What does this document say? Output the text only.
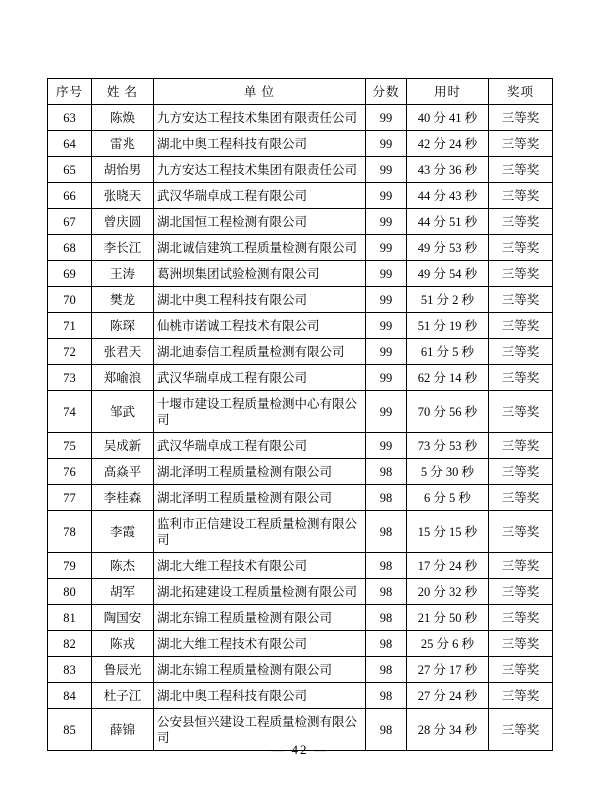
序号	姓 名	单 位	分数	用时	奖项
63	陈焕	九方安达工程技术集团有限责任公司	99	40 分 41 秒	三等奖
64	雷兆	湖北中奥工程科技有限公司	99	42 分 24 秒	三等奖
65	胡怡男	九方安达工程技术集团有限责任公司	99	43 分 36 秒	三等奖
66	张晓天	武汉华瑞卓成工程有限公司	99	44 分 43 秒	三等奖
67	曾庆圆	湖北国恒工程检测有限公司	99	44 分 51 秒	三等奖
68	李长江	湖北诚信建筑工程质量检测有限公司	99	49 分 53 秒	三等奖
69	王涛	葛洲坝集团试验检测有限公司	99	49 分 54 秒	三等奖
70	樊龙	湖北中奥工程科技有限公司	99	51 分 2 秒	三等奖
71	陈琛	仙桃市诺诚工程技术有限公司	99	51 分 19 秒	三等奖
72	张君天	湖北迪泰信工程质量检测有限公司	99	61 分 5 秒	三等奖
73	郑喻浪	武汉华瑞卓成工程有限公司	99	62 分 14 秒	三等奖
74	邹武	十堰市建设工程质量检测中心有限公司	99	70 分 56 秒	三等奖
75	吴成新	武汉华瑞卓成工程有限公司	99	73 分 53 秒	三等奖
76	高焱平	湖北泽明工程质量检测有限公司	98	5 分 30 秒	三等奖
77	李桂森	湖北泽明工程质量检测有限公司	98	6 分 5 秒	三等奖
78	李霞	监利市正信建设工程质量检测有限公司	98	15 分 15 秒	三等奖
79	陈杰	湖北大维工程技术有限公司	98	17 分 24 秒	三等奖
80	胡军	湖北拓建建设工程质量检测有限公司	98	20 分 32 秒	三等奖
81	陶国安	湖北东锦工程质量检测有限公司	98	21 分 50 秒	三等奖
82	陈戎	湖北大维工程技术有限公司	98	25 分 6 秒	三等奖
83	鲁辰光	湖北东锦工程质量检测有限公司	98	27 分 17 秒	三等奖
84	杜子江	湖北中奥工程科技有限公司	98	27 分 24 秒	三等奖
85	薛锦	公安县恒兴建设工程质量检测有限公司	98	28 分 34 秒	三等奖
— 42 —
